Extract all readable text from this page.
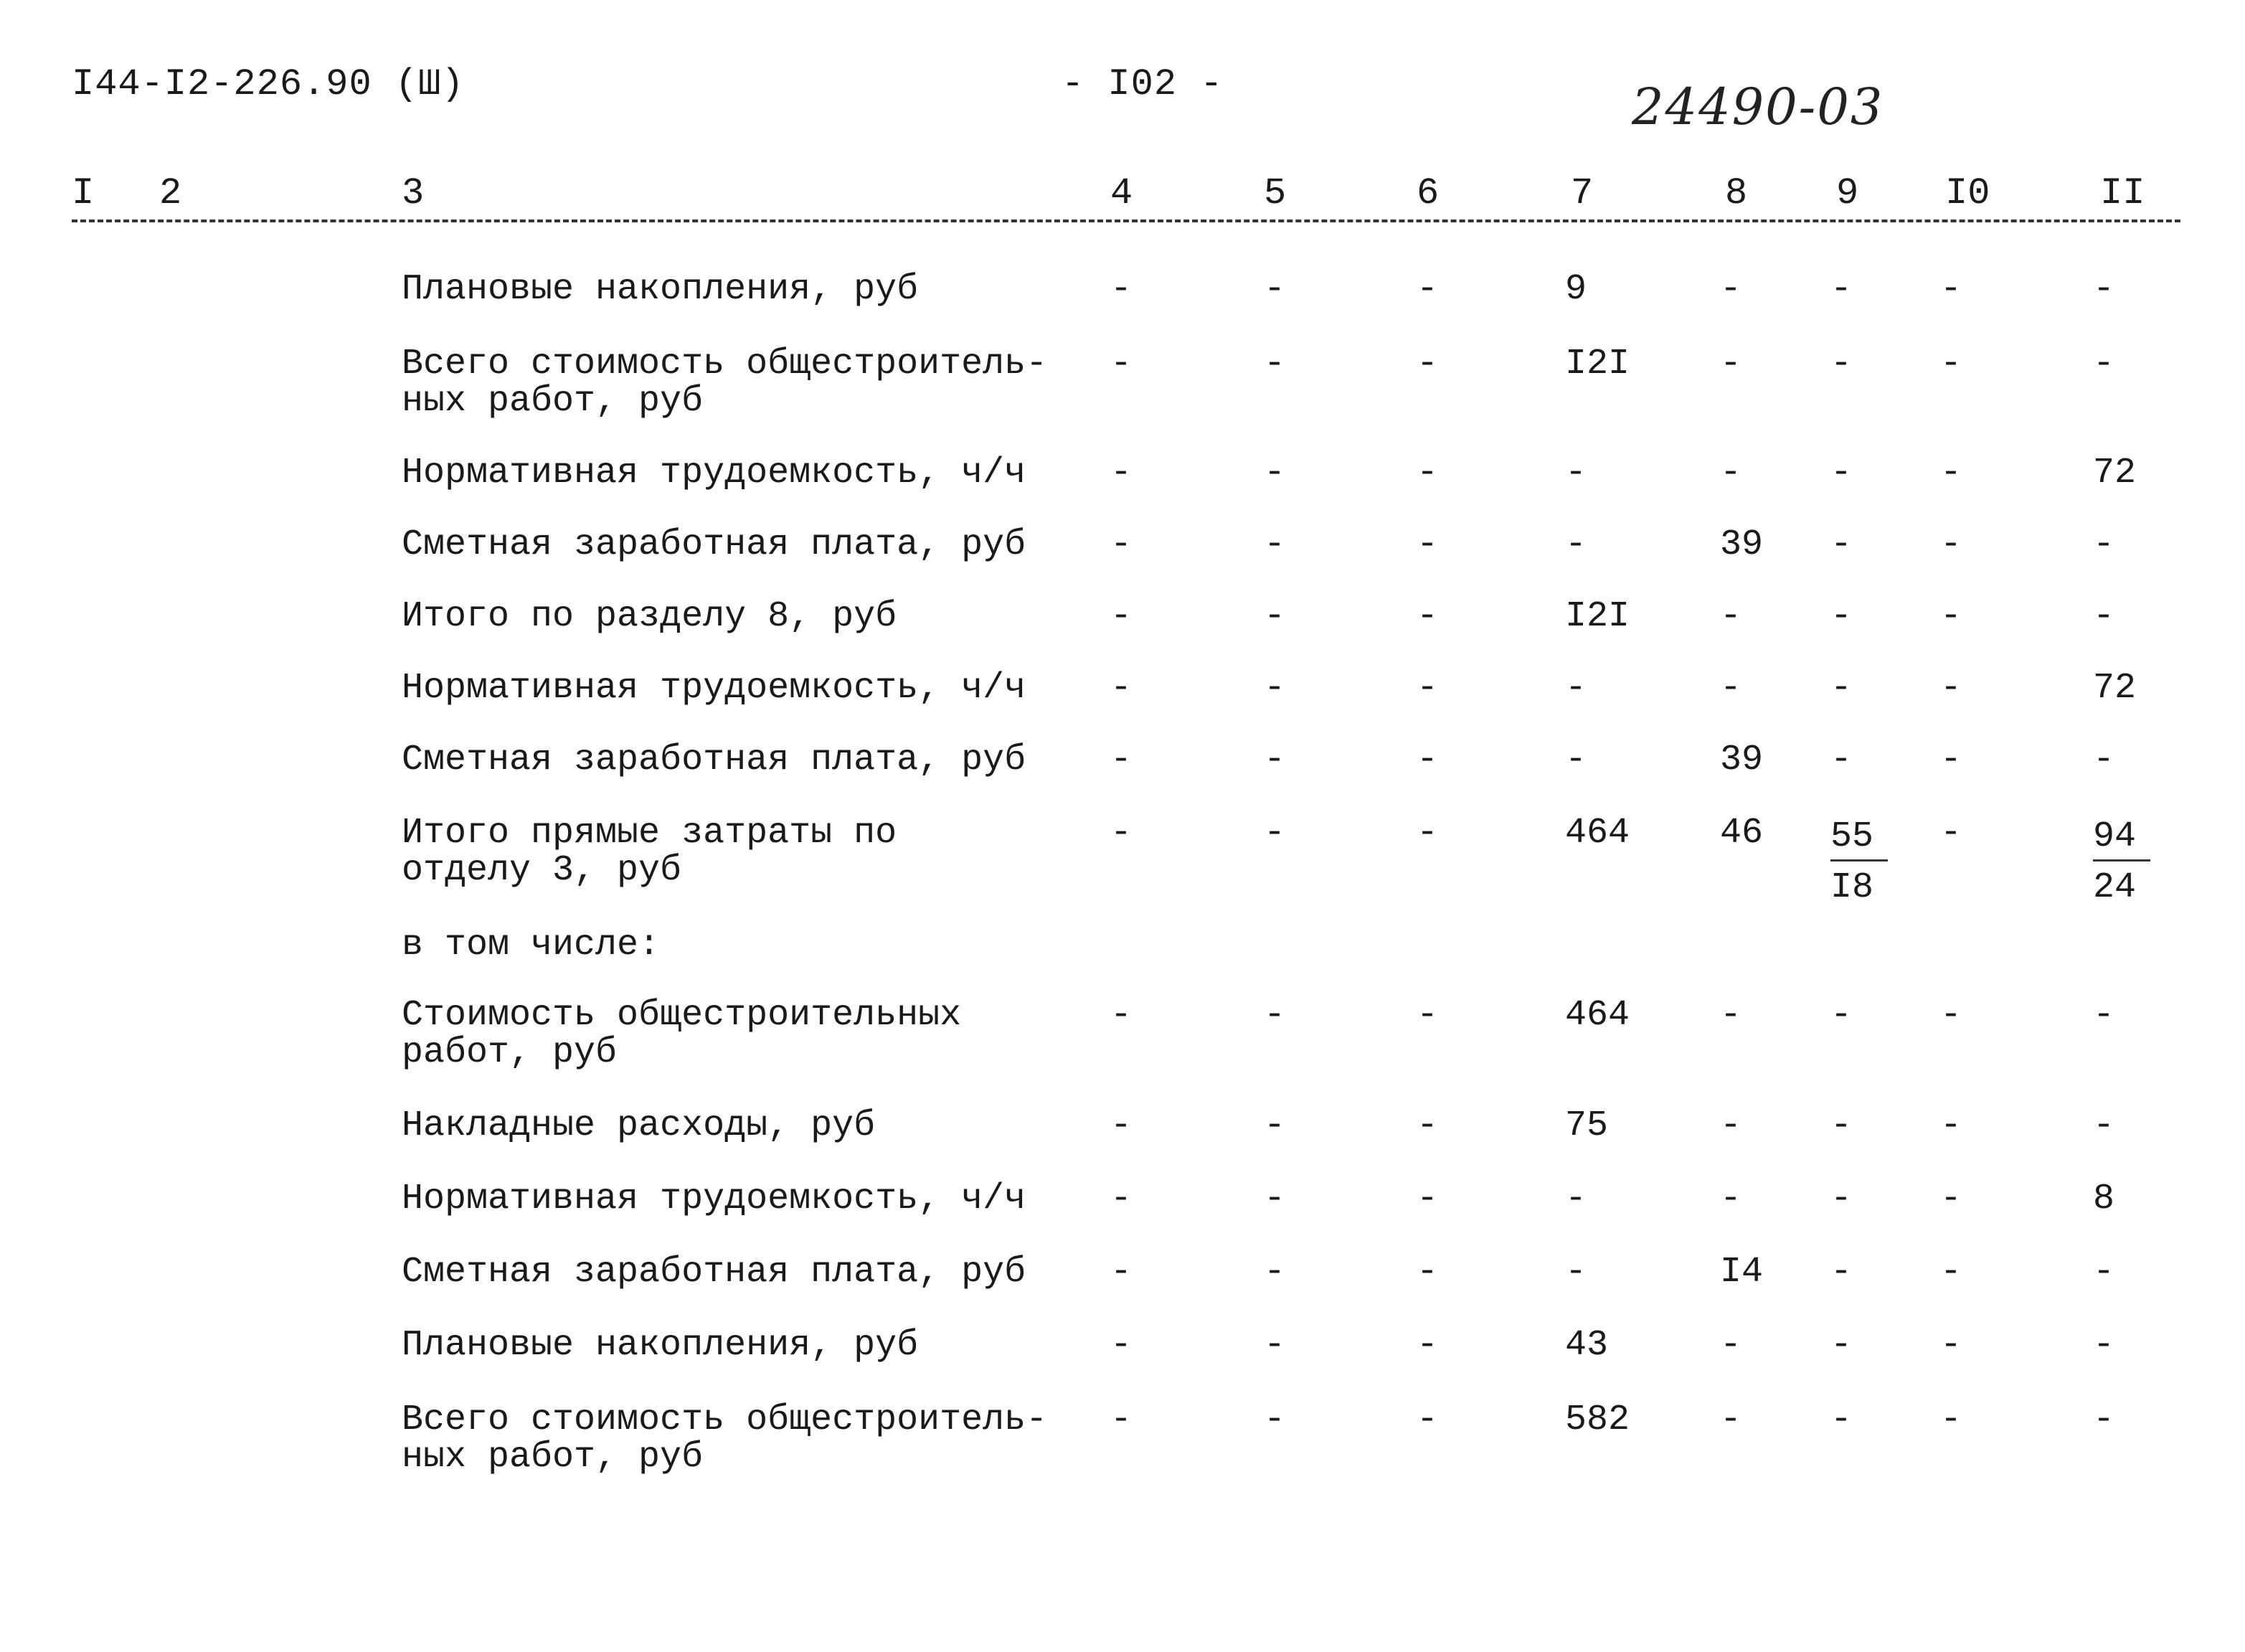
I44-I2-226.90 (Ш)	- I02 -	24490-03
I 2	3	4	5	6	7	8 9 I0	II
Плановые накопления, руб	-	-	-	9	- - -	-
Всего стоимость общестроитель-
ных работ, руб
-	-	-	I2I	- - -	-
Нормативная трудоемкость, ч/ч	-	-	-	-	- - -	72
Сметная заработная плата, руб	-	-	-	-	39 - -	-
Итого по разделу 8, руб	-	-	-	I2I	- - -	-
Нормативная трудоемкость, ч/ч	-	-	-	-	- - -	72
Сметная заработная плата, руб	-	-	-	-	39 - -	-
Итого прямые затраты по
отделу 3, руб
-	-	-	464	$46 \frac{55}{I8}$ -	$\frac{94}{24}$
в том числе:
Стоимость общестроительных
работ, руб
-	-	-	464	- - -	-
Накладные расходы, руб	-	-	-	75	- - -	-
Нормативная трудоемкость, ч/ч	-	-	-	-	- - -	8
Сметная заработная плата, руб	-	-	-	-	I4 - -	-
Плановые накопления, руб	-	-	-	43	- - -	-
Всего стоимость общестроитель-
ных работ, руб
-	-	-	582	- - -	-
